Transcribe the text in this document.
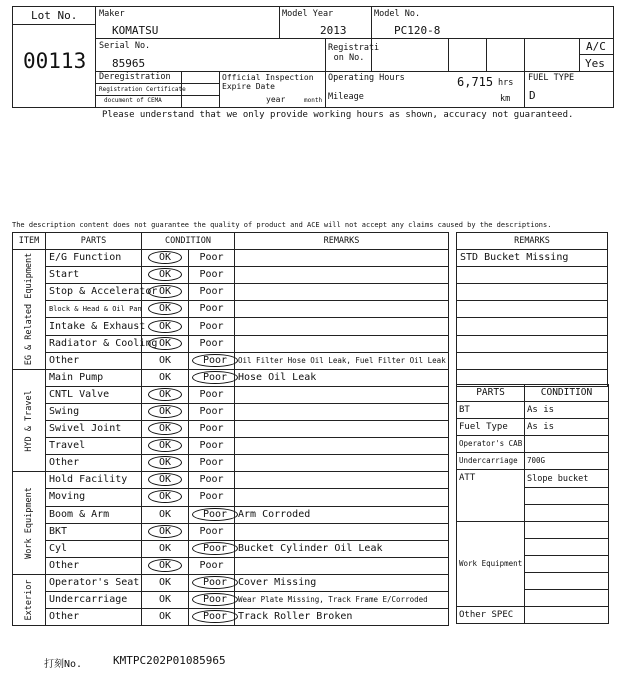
Lot No.
00113
Maker
KOMATSU
Model Year
2013
Model No.
PC120-8
Serial No.
85965
Registrati on No.
A/C
Yes
Deregistration
Registration Certificate
document of CEMA
Official Inspection Expire Date
year	month
Operating Hours	6,715 hrs
Mileage	km
FUEL TYPE
D
Please understand that we only provide working hours as shown, accuracy not guaranteed.
The description content does not guarantee the quality of product and ACE will not accept any claims caused by the descriptions.
ITEM	PARTS	CONDITION		REMARKS

EG & Related Equipment	E/G Function	OK	Poor	
	Start	OK	Poor	
	Stop & Accelerator	OK	Poor	
	Block & Head & Oil Pan	OK	Poor	
	Intake & Exhaust	OK	Poor	
	Radiator & Cooling	OK	Poor	
	Other	OK	Poor	Oil Filter Hose Oil Leak, Fuel Filter Oil Leak

HYD & Travel	Main Pump	OK	Poor	Hose Oil Leak
	CNTL Valve	OK	Poor	
	Swing	OK	Poor	
	Swivel Joint	OK	Poor	
	Travel	OK	Poor	
	Other	OK	Poor	

Work Equipment	Hold Facility	OK	Poor	
	Moving	OK	Poor	
	Boom & Arm	OK	Poor	Arm Corroded
	BKT	OK	Poor	
	Cyl	OK	Poor	Bucket Cylinder Oil Leak
	Other	OK	Poor	

Exterior	Operator's Seat	OK	Poor	Cover Missing
	Undercarriage	OK	Poor	Wear Plate Missing, Track Frame E/Corroded
	Other	OK	Poor	Track Roller Broken
REMARKS
STD Bucket Missing

PARTS	CONDITION
BT	As is
Fuel Type	As is
Operator's CAB	
Undercarriage	700G
ATT	Slope bucket

Work Equipment	

Other SPEC	
打刻No.	KMTPC202P01085965
